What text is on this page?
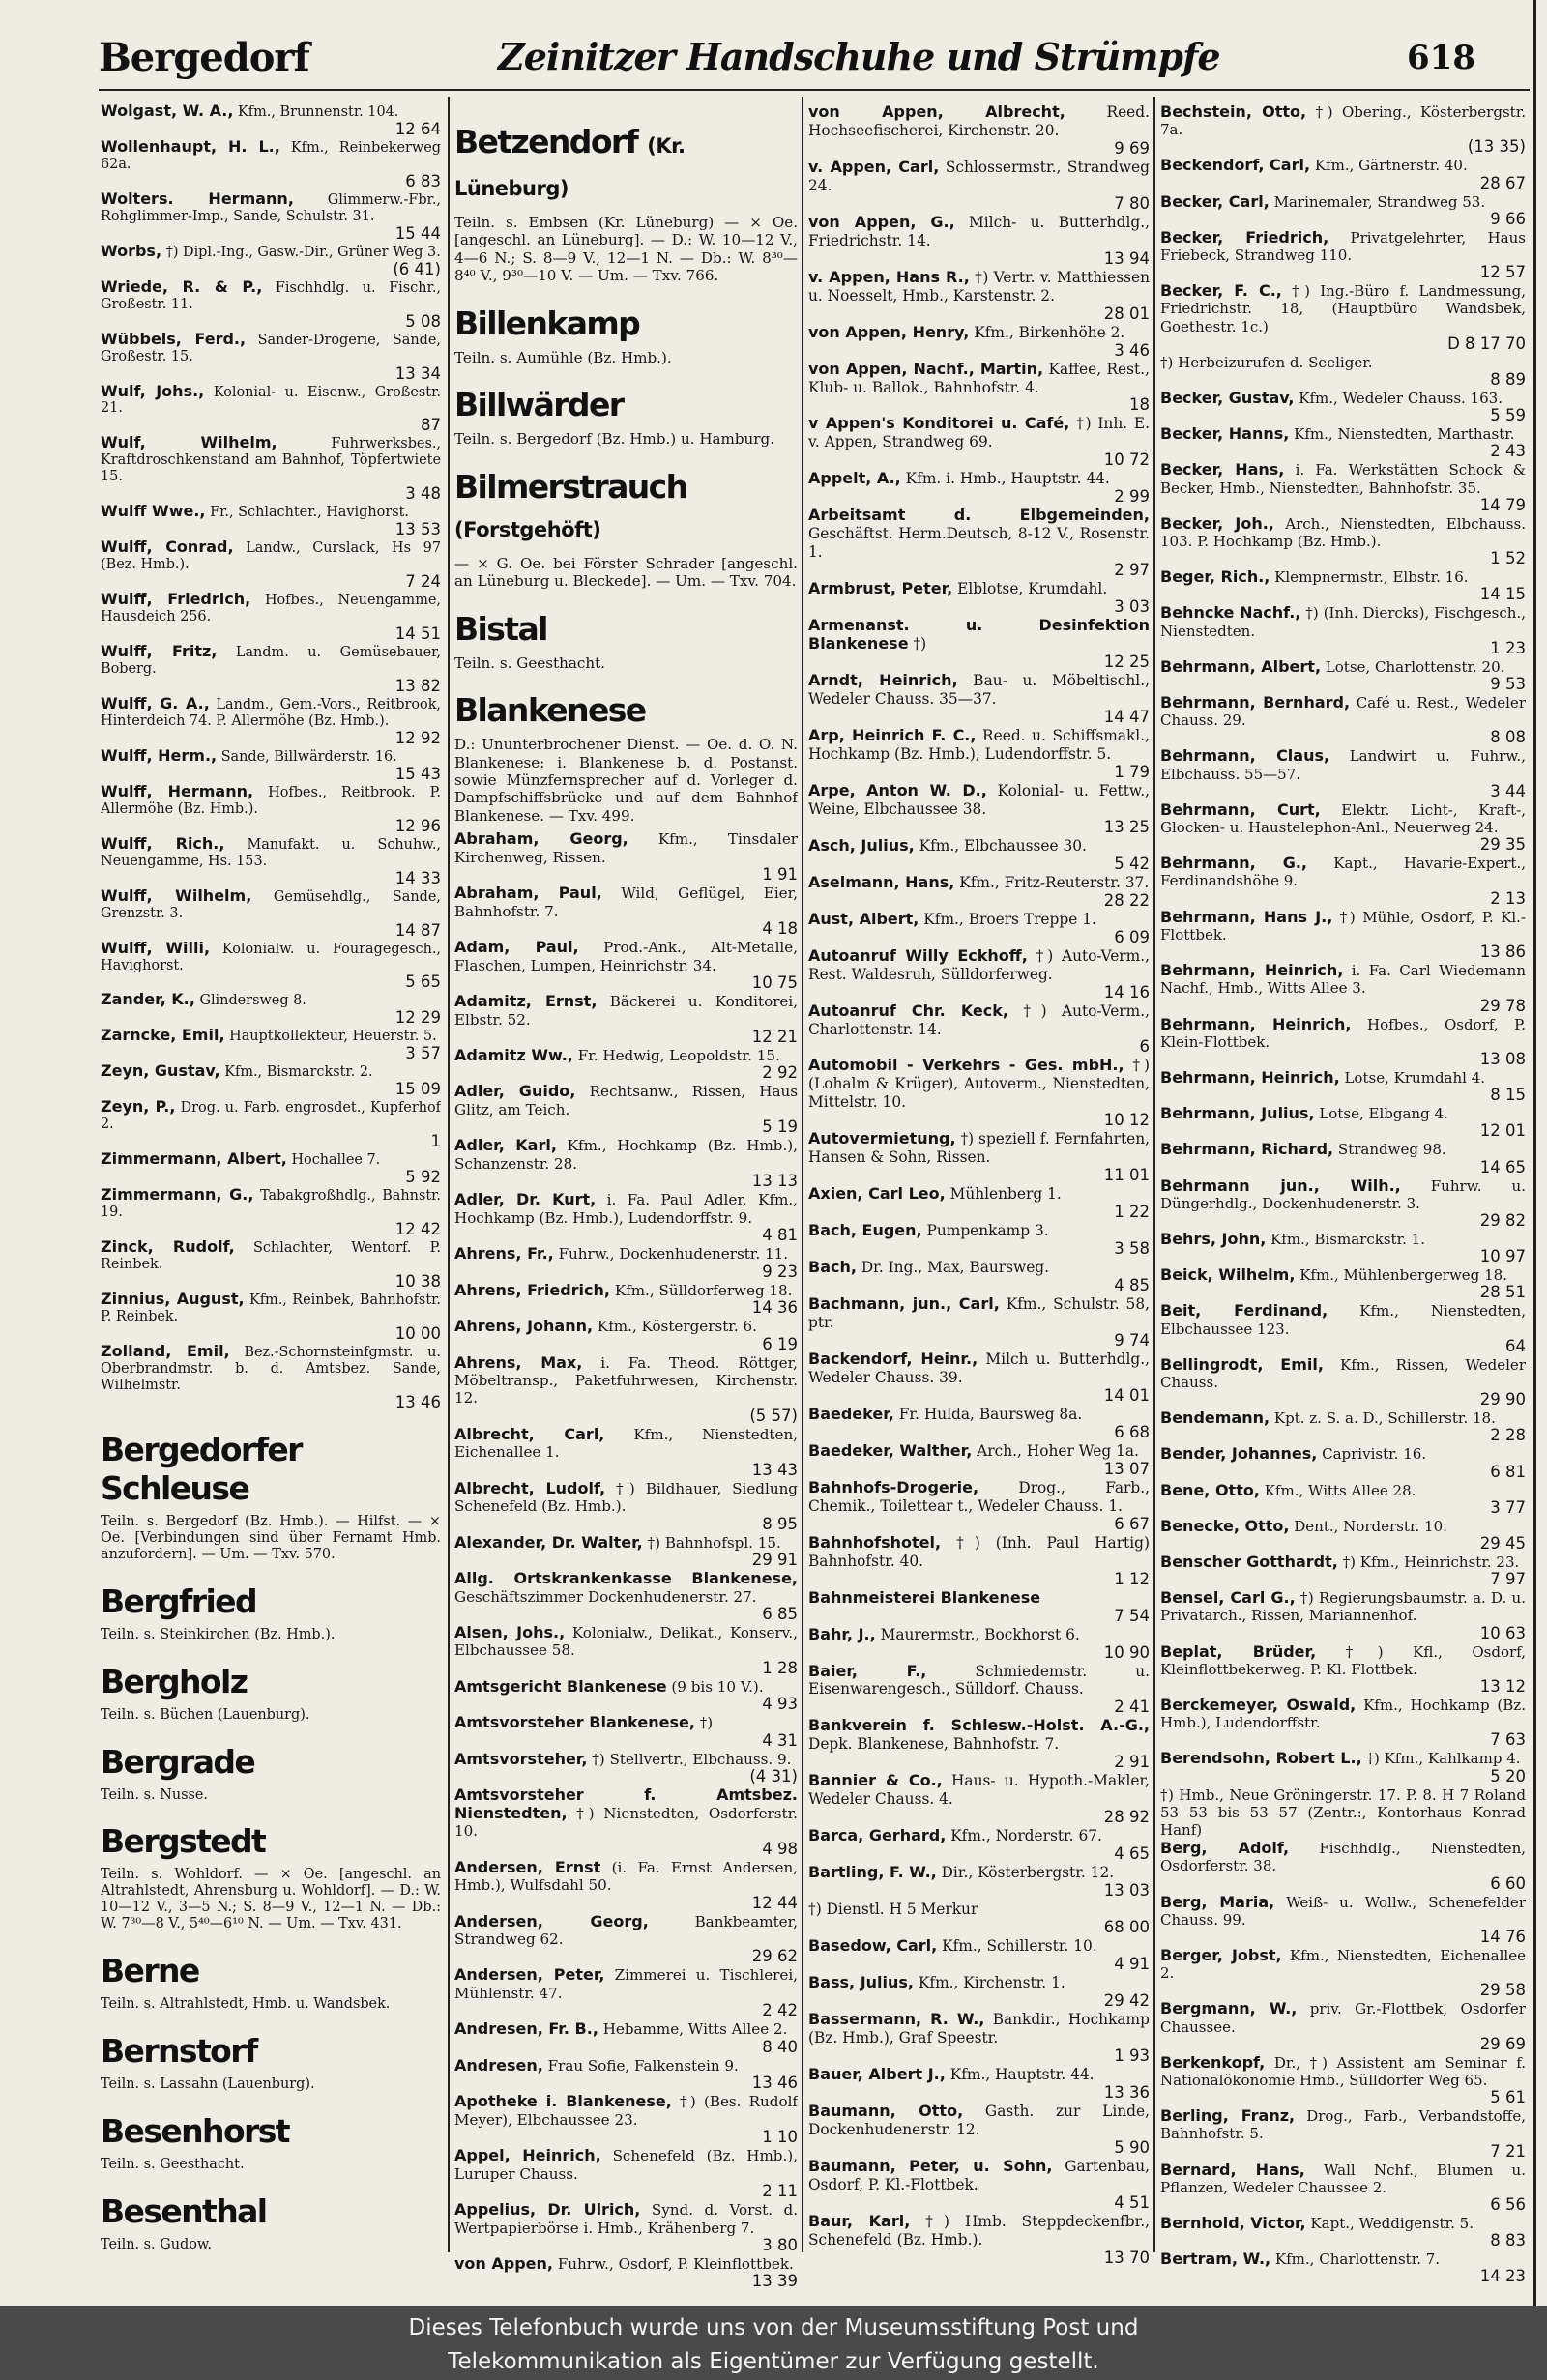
Bergedorf	Zeinitzer Handschuhe und Strümpfe	618
Wolgast, W. A., Kfm., Brunnenstr. 104.
12 64
Wollenhaupt, H. L., Kfm., Reinbekerweg 62a.
6 83
Wolters. Hermann, Glimmerw.-Fbr., Rohglimmer-Imp., Sande, Schulstr. 31.
15 44
Worbs, †) Dipl.-Ing., Gasw.-Dir., Grüner Weg 3.
(6 41)
Wriede, R. & P., Fischhdlg. u. Fischr., Großestr. 11.
5 08
Wübbels, Ferd., Sander-Drogerie, Sande, Großestr. 15.
13 34
Wulf, Johs., Kolonial- u. Eisenw., Großestr. 21.
87
Wulf, Wilhelm,	Fuhrwerksbes., Kraftdroschkenstand am Bahnhof, Töpfertwiete 15.
3 48
Wulff Wwe., Fr., Schlachter., Havighorst.
13 53
Wulff, Conrad, Landw., Curslack, Hs 97 (Bez. Hmb.).
7 24
Wulff, Friedrich, Hofbes., Neuengamme, Hausdeich 256.
14 51
Wulff, Fritz, Landm. u. Gemüsebauer, Boberg.
13 82
Wulff, G. A., Landm., Gem.-Vors., Reitbrook, Hinterdeich 74. P. Allermöhe (Bz. Hmb.).
12 92
Wulff, Herm., Sande, Billwärderstr. 16.
15 43
Wulff, Hermann, Hofbes., Reitbrook. P. Allermöhe (Bz. Hmb.).
12 96
Wulff, Rich., Manufakt. u. Schuhw., Neuengamme, Hs. 153.
14 33
Wulff, Wilhelm, Gemüsehdlg., Sande, Grenzstr. 3.
14 87
Wulff, Willi, Kolonialw. u. Fouragegesch., Havighorst.
5 65
Zander, K., Glindersweg 8.
12 29
Zarncke, Emil, Hauptkollekteur, Heuerstr. 5.
3 57
Zeyn, Gustav, Kfm., Bismarckstr. 2.
15 09
Zeyn, P., Drog. u. Farb. engrosdet., Kupferhof 2.
1
Zimmermann, Albert, Hochallee 7.
5 92
Zimmermann, G., Tabakgroßhdlg., Bahnstr. 19.
12 42
Zinck, Rudolf, Schlachter, Wentorf. P. Reinbek.
10 38
Zinnius, August, Kfm., Reinbek, Bahnhofstr. P. Reinbek.
10 00
Zolland, Emil, Bez.-Schornsteinfgmstr. u. Oberbrandmstr. b. d. Amtsbez. Sande, Wilhelmstr.
13 46
Bergedorfer Schleuse
Teiln. s. Bergedorf (Bz. Hmb.). — Hilfst. — × Oe. [Verbindungen sind über Fernamt Hmb. anzufordern]. — Um. — Txv. 570.
Bergfried
Teiln. s. Steinkirchen (Bz. Hmb.).
Bergholz
Teiln. s. Büchen (Lauenburg).
Bergrade
Teiln. s. Nusse.
Bergstedt
Teiln. s. Wohldorf. — × Oe. [angeschl. an Altrahlstedt, Ahrensburg u. Wohldorf]. — D.: W. 10—12 V., 3—5 N.; S. 8—9 V., 12—1 N. — Db.: W. 7³⁰—8 V., 5⁴⁰—6¹⁰ N. — Um. — Txv. 431.
Berne
Teiln. s. Altrahlstedt, Hmb. u. Wandsbek.
Bernstorf
Teiln. s. Lassahn (Lauenburg).
Besenhorst
Teiln. s. Geesthacht.
Besenthal
Teiln. s. Gudow.
Betzendorf (Kr. Lüneburg)
Teiln. s. Embsen (Kr. Lüneburg) — × Oe. [angeschl. an Lüneburg]. — D.: W. 10—12 V., 4—6 N.; S. 8—9 V., 12—1 N. — Db.: W. 8³⁰—8⁴⁰ V., 9³⁰—10 V. — Um. — Txv. 766.
Billenkamp
Teiln. s. Aumühle (Bz. Hmb.).
Billwärder
Teiln. s. Bergedorf (Bz. Hmb.) u. Hamburg.
Bilmerstrauch (Forstgehöft)
— × G. Oe. bei Förster Schrader [angeschl. an Lüneburg u. Bleckede]. — Um. — Txv. 704.
Bistal
Teiln. s. Geesthacht.
Blankenese
D.: Ununterbrochener Dienst. — Oe. d. O. N. Blankenese: i. Blankenese b. d. Postanst. sowie Münzfernsprecher auf d. Vorleger d. Dampfschiffsbrücke und auf dem Bahnhof Blankenese. — Txv. 499.
Abraham, Georg, Kfm., Tinsdaler Kirchenweg, Rissen.
1 91
Abraham, Paul, Wild, Geflügel, Eier, Bahnhofstr. 7.
4 18
Adam, Paul, Prod.-Ank., Alt-Metalle, Flaschen, Lumpen, Heinrichstr. 34.
10 75
Adamitz, Ernst, Bäckerei u. Konditorei, Elbstr. 52.
12 21
Adamitz Ww., Fr. Hedwig, Leopoldstr. 15.
2 92
Adler, Guido, Rechtsanw., Rissen, Haus Glitz, am Teich.
5 19
Adler, Karl, Kfm., Hochkamp (Bz. Hmb.), Schanzenstr. 28.
13 13
Adler, Dr. Kurt, i. Fa. Paul Adler, Kfm., Hochkamp (Bz. Hmb.), Ludendorffstr. 9.
4 81
Ahrens, Fr., Fuhrw., Dockenhudenerstr. 11.
9 23
Ahrens, Friedrich, Kfm., Sülldorferweg 18.
14 36
Ahrens, Johann, Kfm., Köstergerstr. 6.
6 19
Ahrens, Max, i. Fa. Theod. Röttger, Möbeltransp., Paketfuhrwesen, Kirchenstr. 12.
(5 57)
Albrecht, Carl, Kfm., Nienstedten, Eichenallee 1.
13 43
Albrecht, Ludolf, †) Bildhauer, Siedlung Schenefeld (Bz. Hmb.).
8 95
Alexander, Dr. Walter, †) Bahnhofspl. 15.
29 91
Allg. Ortskrankenkasse Blankenese, Geschäftszimmer Dockenhudenerstr. 27.
6 85
Alsen, Johs., Kolonialw., Delikat., Konserv., Elbchaussee 58.
1 28
Amtsgericht Blankenese (9 bis 10 V.).
4 93
Amtsvorsteher Blankenese, †)
4 31
Amtsvorsteher, †) Stellvertr., Elbchauss. 9.
(4 31)
Amtsvorsteher f. Amtsbez. Nienstedten, †) Nienstedten, Osdorferstr. 10.
4 98
Andersen, Ernst (i. Fa. Ernst Andersen, Hmb.), Wulfsdahl 50.
12 44
Andersen, Georg,	Bankbeamter, Strandweg 62.
29 62
Andersen, Peter, Zimmerei u. Tischlerei, Mühlenstr. 47.
2 42
Andresen, Fr. B., Hebamme, Witts Allee 2.
8 40
Andresen, Frau Sofie, Falkenstein 9.
13 46
Apotheke i. Blankenese, †) (Bes. Rudolf Meyer), Elbchaussee 23.
1 10
Appel, Heinrich, Schenefeld (Bz. Hmb.), Luruper Chauss.
2 11
Appelius, Dr. Ulrich, Synd. d. Vorst. d. Wertpapierbörse i. Hmb., Krähenberg 7.
3 80
von Appen, Fuhrw., Osdorf, P. Kleinflottbek.
13 39
von Appen, Albrecht,	Reed. Hochseefischerei, Kirchenstr. 20.
9 69
v. Appen, Carl, Schlossermstr., Strandweg 24.
7 80
von Appen, G., Milch- u. Butterhdlg., Friedrichstr. 14.
13 94
v. Appen, Hans R., †) Vertr. v. Matthiessen u. Noesselt, Hmb., Karstenstr. 2.
28 01
von Appen, Henry, Kfm., Birkenhöhe 2.
3 46
von Appen, Nachf., Martin, Kaffee, Rest., Klub- u. Ballok., Bahnhofstr. 4.
18
v Appen's Konditorei u. Café, †) Inh. E. v. Appen, Strandweg 69.
10 72
Appelt, A., Kfm. i. Hmb., Hauptstr. 44.
2 99
Arbeitsamt d. Elbgemeinden, Geschäftst. Herm.Deutsch, 8-12 V., Rosenstr. 1.
2 97
Armbrust, Peter, Elblotse, Krumdahl.
3 03
Armenanst. u. Desinfektion Blankenese †)
12 25
Arndt, Heinrich, Bau- u. Möbeltischl., Wedeler Chauss. 35—37.
14 47
Arp, Heinrich F. C., Reed. u. Schiffsmakl., Hochkamp (Bz. Hmb.), Ludendorffstr. 5.
1 79
Arpe, Anton W. D., Kolonial- u. Fettw., Weine, Elbchaussee 38.
13 25
Asch, Julius, Kfm., Elbchaussee 30.
5 42
Aselmann, Hans, Kfm., Fritz-Reuterstr. 37.
28 22
Aust, Albert, Kfm., Broers Treppe 1.
6 09
Autoanruf Willy Eckhoff, †) Auto-Verm., Rest. Waldesruh, Sülldorferweg.
14 16
Autoanruf Chr. Keck, †) Auto-Verm., Charlottenstr. 14.
6
Automobil - Verkehrs - Ges. mbH., †) (Lohalm & Krüger), Autoverm., Nienstedten, Mittelstr. 10.
10 12
Autovermietung, †) speziell f. Fernfahrten, Hansen & Sohn, Rissen.
11 01
Axien, Carl Leo, Mühlenberg 1.
1 22
Bach, Eugen, Pumpenkamp 3.
3 58
Bach, Dr. Ing., Max, Baursweg.
4 85
Bachmann, jun., Carl, Kfm., Schulstr. 58, ptr.
9 74
Backendorf, Heinr., Milch u. Butterhdlg., Wedeler Chauss. 39.
14 01
Baedeker, Fr. Hulda, Baursweg 8a.
6 68
Baedeker, Walther, Arch., Hoher Weg 1a.
13 07
Bahnhofs-Drogerie,	Drog., Farb., Chemik., Toilettear t., Wedeler Chauss. 1.
6 67
Bahnhofshotel, †) (Inh. Paul Hartig) Bahnhofstr. 40.
1 12
Bahnmeisterei Blankenese
7 54
Bahr, J., Maurermstr., Bockhorst 6.
10 90
Baier, F.,	Schmiedemstr. u. Eisenwarengesch., Sülldorf. Chauss.
2 41
Bankverein f. Schlesw.-Holst. A.-G., Depk. Blankenese, Bahnhofstr. 7.
2 91
Bannier & Co., Haus- u. Hypoth.-Makler, Wedeler Chauss. 4.
28 92
Barca, Gerhard, Kfm., Norderstr. 67.
4 65
Bartling, F. W., Dir., Kösterbergstr. 12.
13 03
†) Dienstl. H 5 Merkur
68 00
Basedow, Carl, Kfm., Schillerstr. 10.
4 91
Bass, Julius, Kfm., Kirchenstr. 1.
29 42
Bassermann, R. W., Bankdir., Hochkamp (Bz. Hmb.), Graf Speestr.
1 93
Bauer, Albert J., Kfm., Hauptstr. 44.
13 36
Baumann, Otto, Gasth. zur Linde, Dockenhudenerstr. 12.
5 90
Baumann, Peter, u. Sohn, Gartenbau, Osdorf, P. Kl.-Flottbek.
4 51
Baur, Karl, †) Hmb. Steppdeckenfbr., Schenefeld (Bz. Hmb.).
13 70
Bechstein, Otto, †) Obering., Kösterbergstr. 7a.
(13 35)
Beckendorf, Carl, Kfm., Gärtnerstr. 40.
28 67
Becker, Carl, Marinemaler, Strandweg 53.
9 66
Becker, Friedrich, Privatgelehrter, Haus Friebeck, Strandweg 110.
12 57
Becker, F. C., †) Ing.-Büro f. Landmessung, Friedrichstr. 18, (Hauptbüro Wandsbek, Goethestr. 1c.)
D 8 17 70
†) Herbeizurufen d. Seeliger.
8 89
Becker, Gustav, Kfm., Wedeler Chauss. 163.
5 59
Becker, Hanns, Kfm., Nienstedten, Marthastr.
2 43
Becker, Hans, i. Fa. Werkstätten Schock & Becker, Hmb., Nienstedten, Bahnhofstr. 35.
14 79
Becker, Joh., Arch., Nienstedten, Elbchauss. 103. P. Hochkamp (Bz. Hmb.).
1 52
Beger, Rich., Klempnermstr., Elbstr. 16.
14 15
Behncke Nachf., †) (Inh. Diercks), Fischgesch., Nienstedten.
1 23
Behrmann, Albert, Lotse, Charlottenstr. 20.
9 53
Behrmann, Bernhard, Café u. Rest., Wedeler Chauss. 29.
8 08
Behrmann, Claus, Landwirt u. Fuhrw., Elbchauss. 55—57.
3 44
Behrmann, Curt, Elektr. Licht-, Kraft-, Glocken- u. Haustelephon-Anl., Neuerweg 24.
29 35
Behrmann, G., Kapt., Havarie-Expert., Ferdinandshöhe 9.
2 13
Behrmann, Hans J., †) Mühle, Osdorf, P. Kl.-Flottbek.
13 86
Behrmann, Heinrich, i. Fa. Carl Wiedemann Nachf., Hmb., Witts Allee 3.
29 78
Behrmann, Heinrich, Hofbes., Osdorf, P. Klein-Flottbek.
13 08
Behrmann, Heinrich, Lotse, Krumdahl 4.
8 15
Behrmann, Julius, Lotse, Elbgang 4.
12 01
Behrmann, Richard, Strandweg 98.
14 65
Behrmann jun., Wilh., Fuhrw. u. Düngerhdlg., Dockenhudenerstr. 3.
29 82
Behrs, John, Kfm., Bismarckstr. 1.
10 97
Beick, Wilhelm, Kfm., Mühlenbergerweg 18.
28 51
Beit, Ferdinand, Kfm., Nienstedten, Elbchaussee 123.
64
Bellingrodt, Emil, Kfm., Rissen, Wedeler Chauss.
29 90
Bendemann, Kpt. z. S. a. D., Schillerstr. 18.
2 28
Bender, Johannes, Caprivistr. 16.
6 81
Bene, Otto, Kfm., Witts Allee 28.
3 77
Benecke, Otto, Dent., Norderstr. 10.
29 45
Benscher Gotthardt, †) Kfm., Heinrichstr. 23.
7 97
Bensel, Carl G., †) Regierungsbaumstr. a. D. u. Privatarch., Rissen, Mariannenhof.
10 63
Beplat, Brüder, †) Kfl., Osdorf, Kleinflottbekerweg. P. Kl. Flottbek.
13 12
Berckemeyer, Oswald, Kfm., Hochkamp (Bz. Hmb.), Ludendorffstr.
7 63
Berendsohn, Robert L., †) Kfm., Kahlkamp 4.
5 20
†) Hmb., Neue Gröningerstr. 17. P. 8. H 7 Roland 53 53 bis 53 57 (Zentr.:, Kontorhaus Konrad Hanf)
Berg, Adolf, Fischhdlg., Nienstedten, Osdorferstr. 38.
6 60
Berg, Maria, Weiß- u. Wollw., Schenefelder Chauss. 99.
14 76
Berger, Jobst, Kfm., Nienstedten, Eichenallee 2.
29 58
Bergmann, W., priv. Gr.-Flottbek, Osdorfer Chaussee.
29 69
Berkenkopf, Dr., †) Assistent am Seminar f. Nationalökonomie Hmb., Sülldorfer Weg 65.
5 61
Berling, Franz, Drog., Farb., Verbandstoffe, Bahnhofstr. 5.
7 21
Bernard, Hans, Wall Nchf., Blumen u. Pflanzen, Wedeler Chaussee 2.
6 56
Bernhold, Victor, Kapt., Weddigenstr. 5.
8 83
Bertram, W., Kfm., Charlottenstr. 7.
14 23
Dieses Telefonbuch wurde uns von der Museumsstiftung Post und
Telekommunikation als Eigentümer zur Verfügung gestellt.
